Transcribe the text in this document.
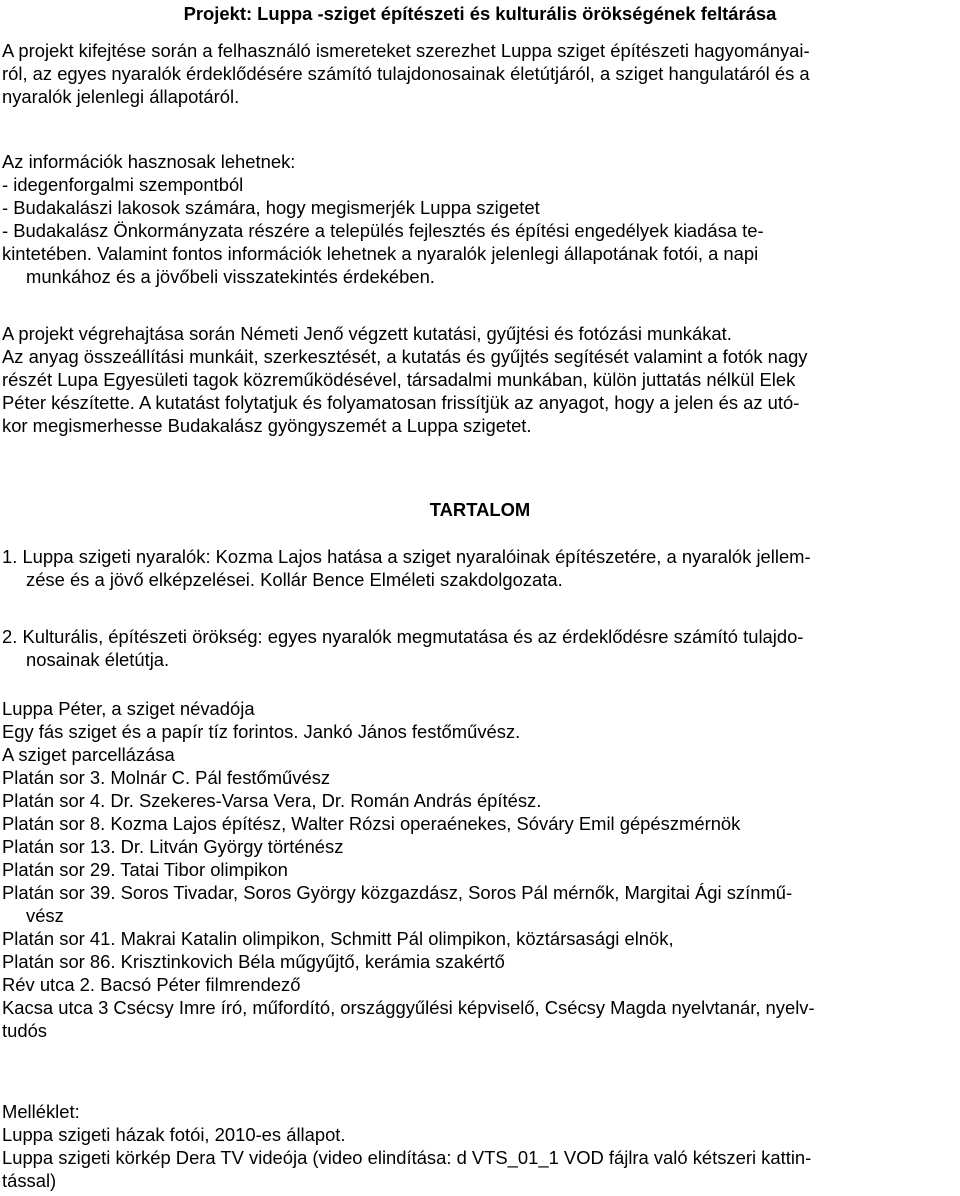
Projekt: Luppa -sziget építészeti és kulturális örökségének feltárása
A projekt kifejtése során a felhasználó ismereteket szerezhet Luppa sziget építészeti hagyományai-
ról, az egyes nyaralók érdeklődésére számító tulajdonosainak életútjáról, a sziget hangulatáról és a
nyaralók jelenlegi állapotáról.
Az információk hasznosak lehetnek:
- idegenforgalmi szempontból
- Budakalászi lakosok számára, hogy megismerjék Luppa szigetet
- Budakalász Önkormányzata részére a település fejlesztés és építési engedélyek kiadása te-
kintetében. Valamint fontos információk lehetnek a nyaralók jelenlegi állapotának fotói, a napi
munkához és a jövőbeli visszatekintés érdekében.
A projekt végrehajtása során Németi Jenő végzett kutatási, gyűjtési és fotózási munkákat.
Az anyag összeállítási munkáit, szerkesztését, a kutatás és gyűjtés segítését valamint a fotók nagy
részét Lupa Egyesületi tagok közreműködésével, társadalmi munkában, külön juttatás nélkül Elek
Péter készítette. A kutatást folytatjuk és folyamatosan frissítjük az anyagot, hogy a jelen és az utó-
kor megismerhesse Budakalász gyöngyszemét a Luppa szigetet.
TARTALOM
1. Luppa szigeti nyaralók: Kozma Lajos hatása a sziget nyaralóinak építészetére, a nyaralók jellem-
zése és a jövő elképzelései. Kollár Bence Elméleti szakdolgozata.
2. Kulturális, építészeti örökség: egyes nyaralók megmutatása és az érdeklődésre számító tulajdo-
nosainak életútja.
Luppa Péter, a sziget névadója
Egy fás sziget és a papír tíz forintos. Jankó János festőművész.
A sziget parcellázása
Platán sor 3. Molnár C. Pál festőművész
Platán sor 4. Dr. Szekeres-Varsa Vera, Dr. Román András építész.
Platán sor 8. Kozma Lajos építész, Walter Rózsi operaénekes, Sóváry Emil gépészmérnök
Platán sor 13. Dr. Litván György történész
Platán sor 29. Tatai Tibor olimpikon
Platán sor 39. Soros Tivadar, Soros György közgazdász, Soros Pál mérnők, Margitai Ági színmű-
vész
Platán sor 41. Makrai Katalin olimpikon, Schmitt Pál olimpikon, köztársasági elnök,
Platán sor 86. Krisztinkovich Béla műgyűjtő, kerámia szakértő
Rév utca 2. Bacsó Péter filmrendező
Kacsa utca 3 Csécsy Imre író, műfordító, országgyűlési képviselő, Csécsy Magda nyelvtanár, nyelv-
tudós
Melléklet:
Luppa szigeti házak fotói, 2010-es állapot.
Luppa szigeti körkép Dera TV videója (video elindítása: d VTS_01_1 VOD fájlra való kétszeri kattin-
tással)
